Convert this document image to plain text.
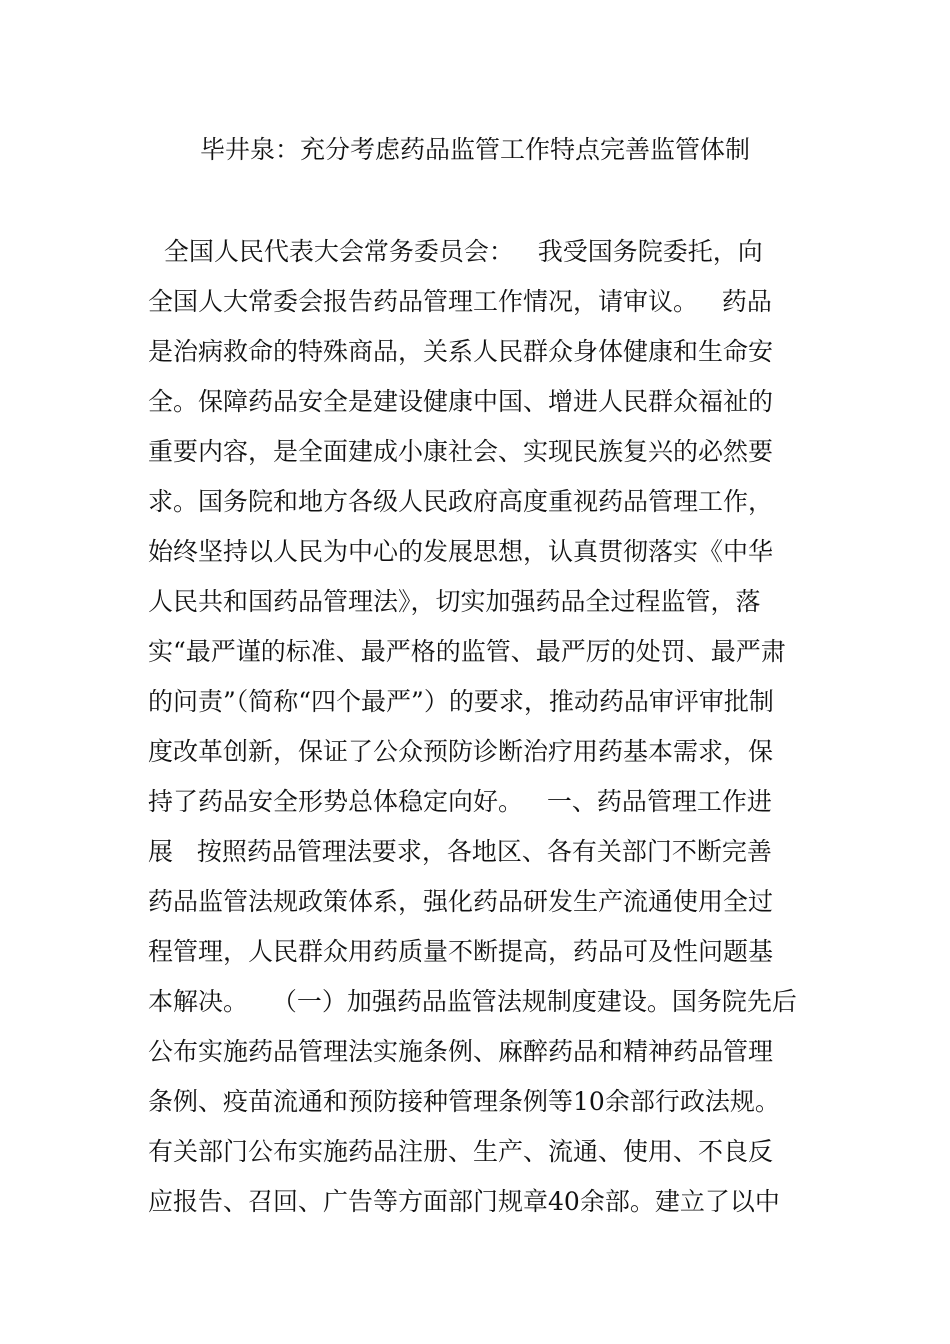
毕井泉：充分考虑药品监管工作特点完善监管体制
全国人民代表大会常务委员会：   我受国务院委托，向
全国人大常委会报告药品管理工作情况，请审议。   药品
是治病救命的特殊商品，关系人民群众身体健康和生命安
全。保障药品安全是建设健康中国、增进人民群众福祉的
重要内容，是全面建成小康社会、实现民族复兴的必然要
求。国务院和地方各级人民政府高度重视药品管理工作，
始终坚持以人民为中心的发展思想，认真贯彻落实《中华
人民共和国药品管理法》，切实加强药品全过程监管，落
实“最严谨的标准、最严格的监管、最严厉的处罚、最严肃
的问责”（简称“四个最严”）的要求，推动药品审评审批制
度改革创新，保证了公众预防诊断治疗用药基本需求，保
持了药品安全形势总体稳定向好。   一、药品管理工作进
展   按照药品管理法要求，各地区、各有关部门不断完善
药品监管法规政策体系，强化药品研发生产流通使用全过
程管理，人民群众用药质量不断提高，药品可及性问题基
本解决。   （一）加强药品监管法规制度建设。国务院先后
公布实施药品管理法实施条例、麻醉药品和精神药品管理
条例、疫苗流通和预防接种管理条例等10余部行政法规。
有关部门公布实施药品注册、生产、流通、使用、不良反
应报告、召回、广告等方面部门规章40余部。建立了以中
